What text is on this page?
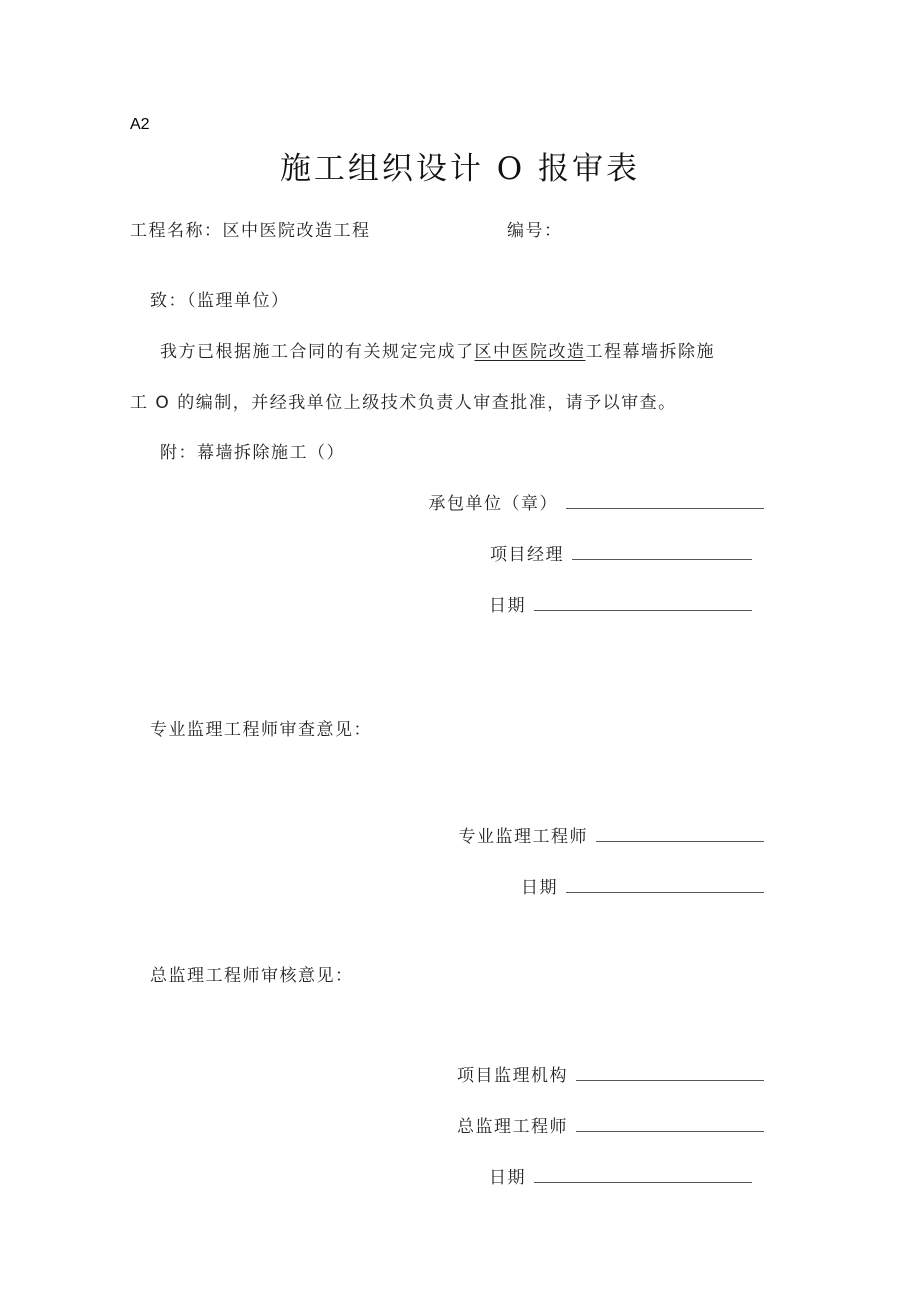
A2
施工组织设计 O 报审表
工程名称：区中医院改造工程	编号：
致：（监理单位）
我方已根据施工合同的有关规定完成了区中医院改造工程幕墙拆除施
工 O 的编制，并经我单位上级技术负责人审查批准，请予以审查。
附：幕墙拆除施工（）
承包单位（章）
项目经理
日期
专业监理工程师审查意见：
专业监理工程师
日期
总监理工程师审核意见：
项目监理机构
总监理工程师
日期
